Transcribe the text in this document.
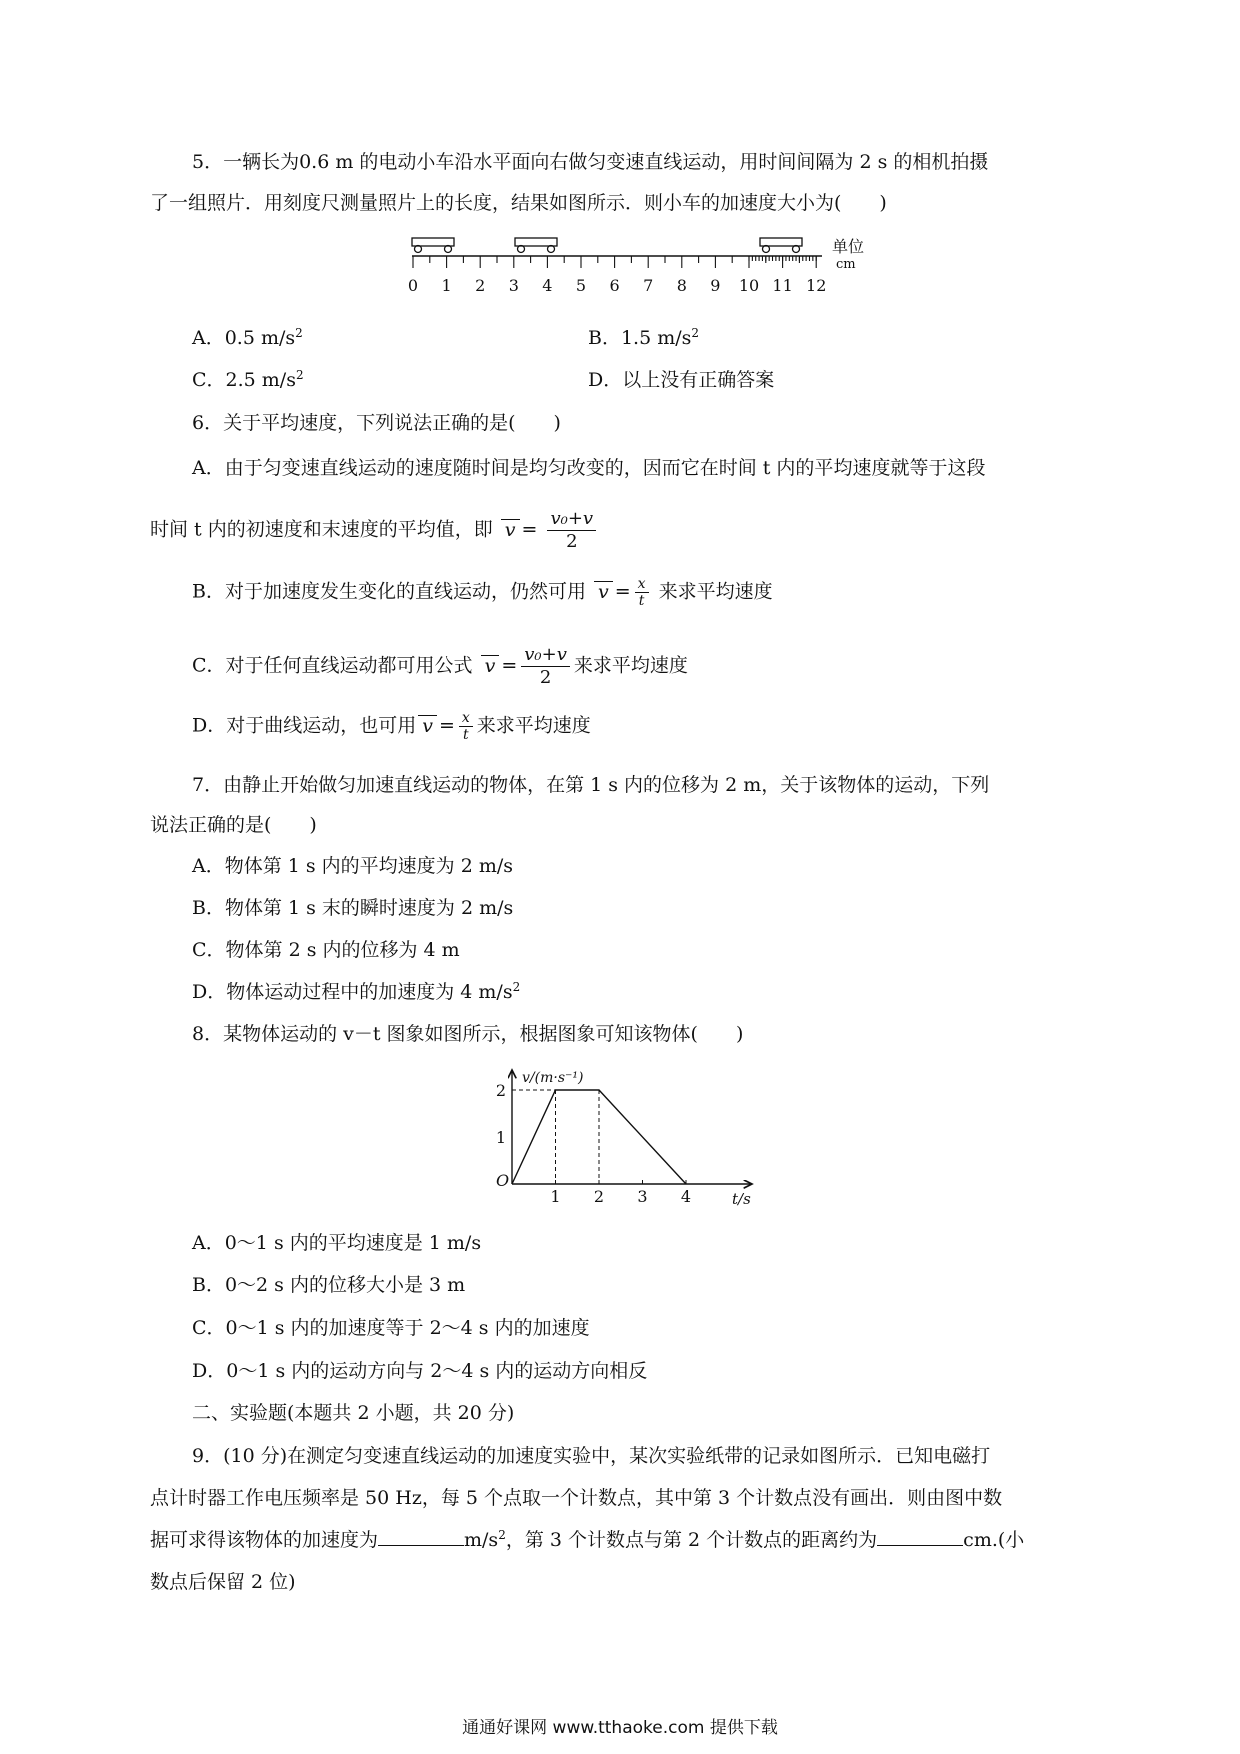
5．一辆长为0.6 m 的电动小车沿水平面向右做匀变速直线运动，用时间间隔为 2 s 的相机拍摄
了一组照片．用刻度尺测量照片上的长度，结果如图所示．则小车的加速度大小为(　　)
0 1 2 3 4 5 6 7 8 9 10 11 12
单位
cm
A．0.5 $m/s^2$	B．1.5 $m/s^2$
C．2.5 $m/s^2$	D．以上没有正确答案
6．关于平均速度，下列说法正确的是(　　)
A．由于匀变速直线运动的速度随时间是均匀改变的，因而它在时间 t 内的平均速度就等于这段
时间 t 内的初速度和末速度的平均值，即 $v = \frac{\text{v₀+v}}{2}$
B．对于加速度发生变化的直线运动，仍然可用 $v = \frac{x}{t}$ 来求平均速度
C．对于任何直线运动都可用公式 $v = \frac{\text{v₀+v}}{2}$ 来求平均速度
D．对于曲线运动，也可用 $v = \frac{x}{t}$ 来求平均速度
7．由静止开始做匀加速直线运动的物体，在第 1 s 内的位移为 2 m，关于该物体的运动，下列
说法正确的是(　　)
A．物体第 1 s 内的平均速度为 2 m/s
B．物体第 1 s 末的瞬时速度为 2 m/s
C．物体第 2 s 内的位移为 4 m
D．物体运动过程中的加速度为 4 $m/s^2$
8．某物体运动的 v－t 图象如图所示，根据图象可知该物体(　　)
v/(m·s⁻¹)
t/s
O
1 2 3 4
1
2
A．0～1 s 内的平均速度是 1 m/s
B．0～2 s 内的位移大小是 3 m
C．0～1 s 内的加速度等于 2～4 s 内的加速度
D．0～1 s 内的运动方向与 2～4 s 内的运动方向相反
二、实验题(本题共 2 小题，共 20 分)
9．(10 分)在测定匀变速直线运动的加速度实验中，某次实验纸带的记录如图所示．已知电磁打
点计时器工作电压频率是 50 Hz，每 5 个点取一个计数点，其中第 3 个计数点没有画出．则由图中数
据可求得该物体的加速度为	$m/s^2$，第 3 个计数点与第 2 个计数点的距离约为	cm.(小
数点后保留 2 位)
通通好课网 www.tthaoke.com 提供下载
